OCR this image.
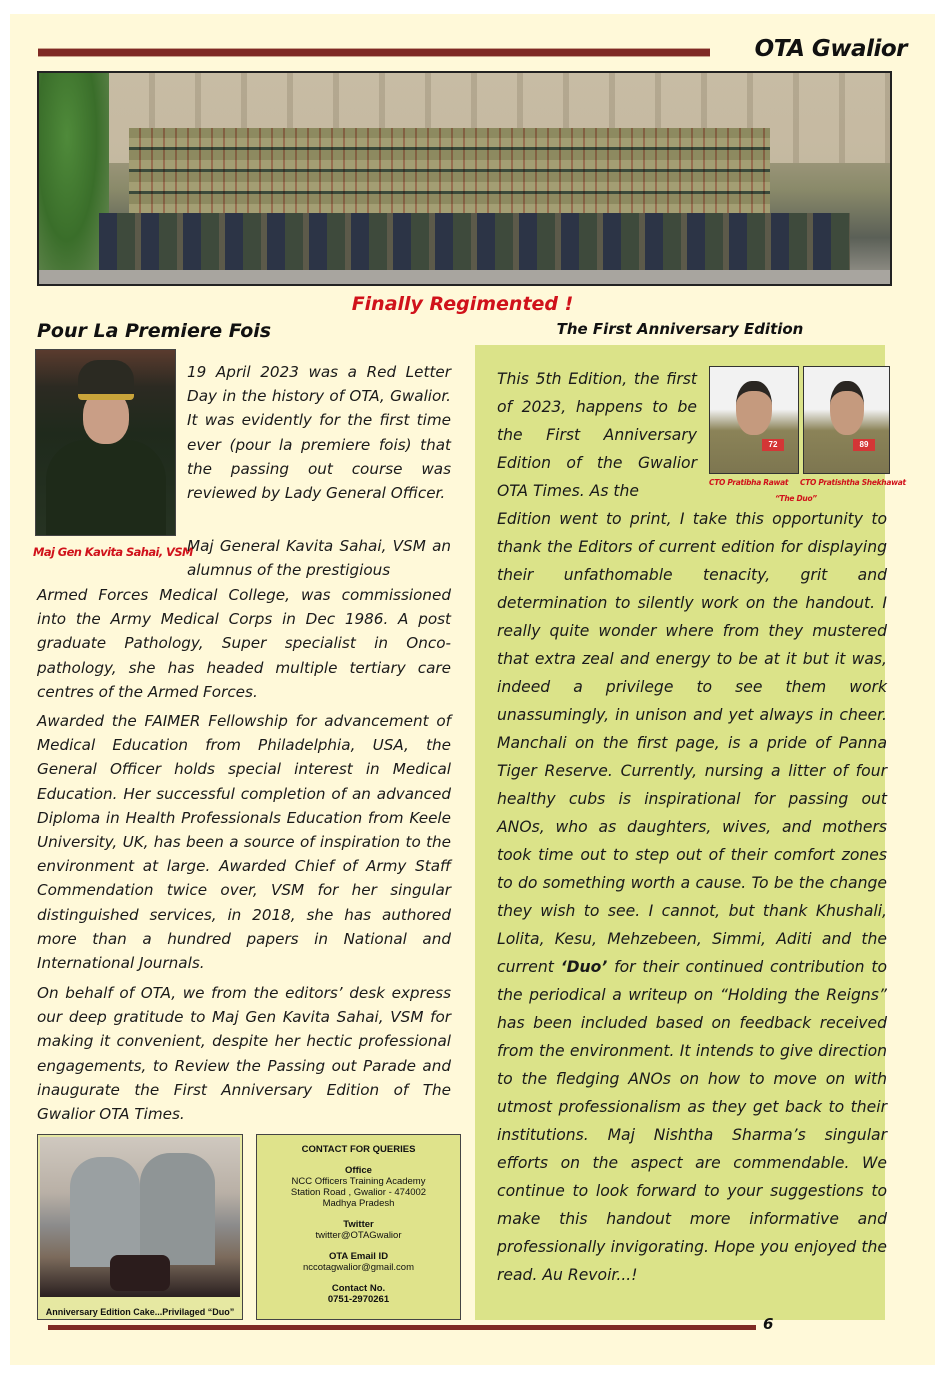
OTA Gwalior
Finally Regimented !
Pour La Premiere Fois	The First Anniversary Edition
Maj Gen Kavita Sahai, VSM

19 April 2023 was a Red Letter Day in the history of OTA, Gwalior. It was evidently for the first time ever (pour la premiere fois) that the passing out course was reviewed by Lady General Officer.

Maj General Kavita Sahai, VSM an alumnus of the prestigious

Armed Forces Medical College, was commissioned into the Army Medical Corps in Dec 1986. A post graduate Pathology, Super specialist in Onco-pathology, she has headed multiple tertiary care centres of the Armed Forces.

Awarded the FAIMER Fellowship for advancement of Medical Education from Philadelphia, USA, the General Officer holds special interest in Medical Education. Her successful completion of an advanced Diploma in Health Professionals Education from Keele University, UK, has been a source of inspiration to the environment at large. Awarded Chief of Army Staff Commendation twice over, VSM for her singular distinguished services, in 2018, she has authored more than a hundred papers in National and International Journals.

On behalf of OTA, we from the editors’ desk express our deep gratitude to Maj Gen Kavita Sahai, VSM for making it convenient, despite her hectic professional engagements, to Review the Passing out Parade and inaugurate the First Anniversary Edition of The Gwalior OTA Times.

Anniversary Edition Cake...Privilaged “Duo”
CONTACT FOR QUERIES
Office
NCC Officers Training Academy
Station Road , Gwalior - 474002
Madhya Pradesh
Twitter
twitter@OTAGwalior
OTA Email ID
nccotagwalior@gmail.com
Contact No.
0751-2970261
72	89
CTO Pratibha Rawat CTO Pratishtha Shekhawat
“The Duo”

This 5th Edition, the first of 2023, happens to be the First Anniversary Edition of the Gwalior OTA Times. As the

Edition went to print, I take this opportunity to thank the Editors of current edition for displaying their unfathomable tenacity, grit and determination to silently work on the handout. I really quite wonder where from they mustered that extra zeal and energy to be at it but it was, indeed a privilege to see them work unassumingly, in unison and yet always in cheer. Manchali on the first page, is a pride of Panna Tiger Reserve. Currently, nursing a litter of four healthy cubs is inspirational for passing out ANOs, who as daughters, wives, and mothers took time out to step out of their comfort zones to do something worth a cause. To be the change they wish to see. I cannot, but thank Khushali, Lolita, Kesu, Mehzebeen, Simmi, Aditi and the current ‘Duo’ for their continued contribution to the periodical a writeup on “Holding the Reigns” has been included based on feedback received from the environment. It intends to give direction to the fledging ANOs on how to move on with utmost professionalism as they get back to their institutions. Maj Nishtha Sharma’s singular efforts on the aspect are commendable. We continue to look forward to your suggestions to make this handout more informative and professionally invigorating. Hope you enjoyed the read. Au Revoir...!

6
